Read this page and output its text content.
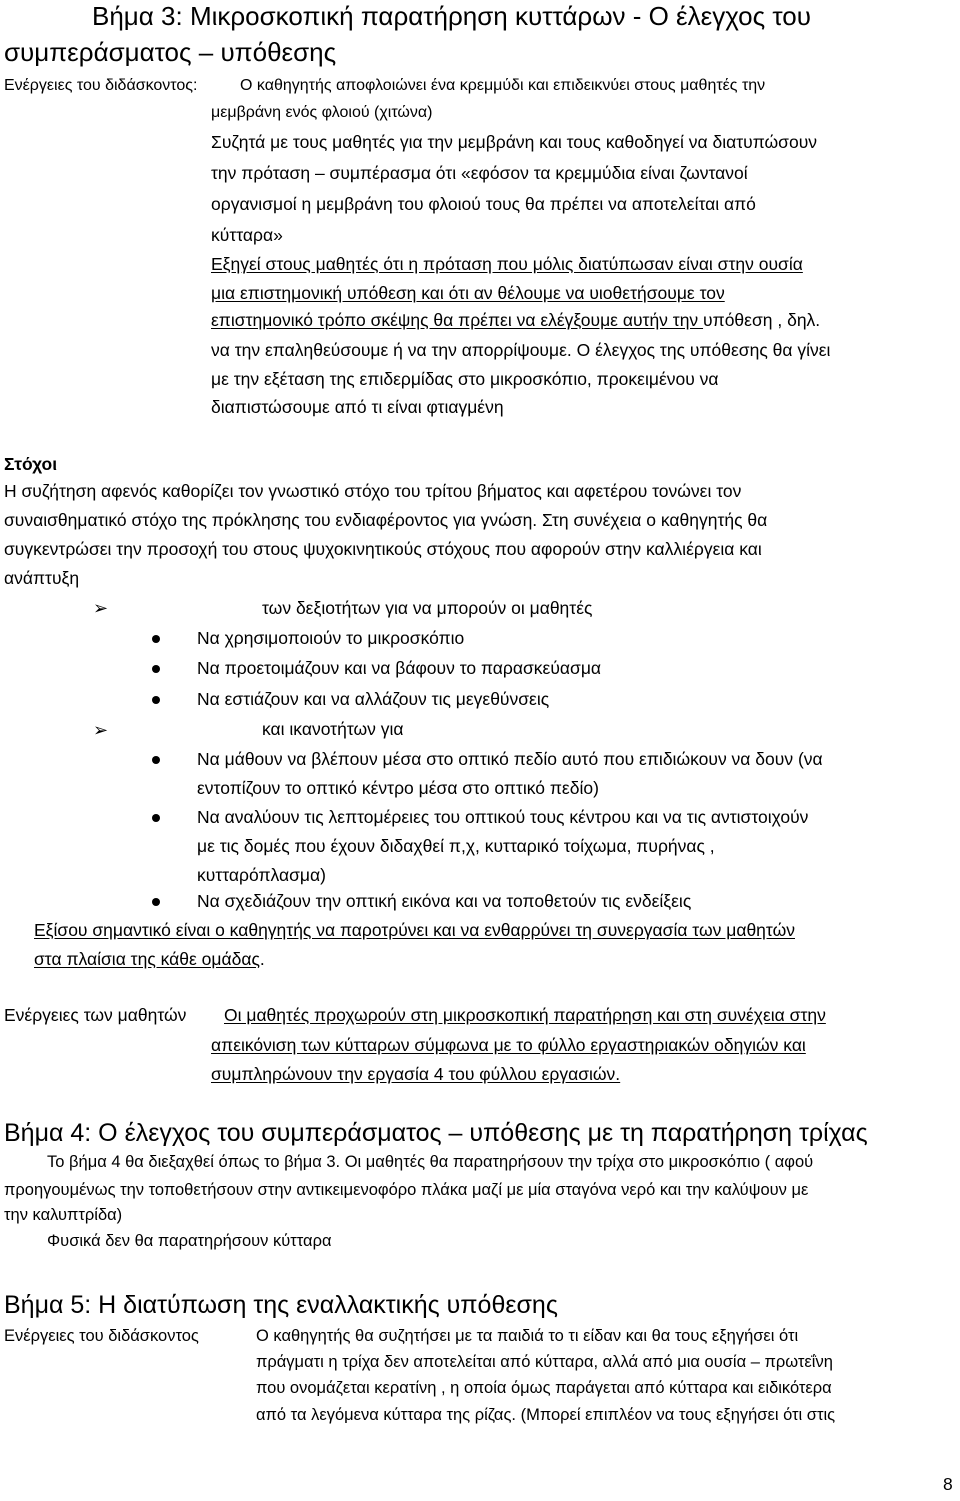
Βήμα 3: Μικροσκοπική παρατήρηση κυττάρων - Ο έλεγχος του
συμπεράσματος – υπόθεσης
Ενέργειες του διδάσκοντος:	Ο καθηγητής αποφλοιώνει ένα κρεμμύδι και επιδεικνύει στους μαθητές την
μεμβράνη ενός φλοιού (χιτώνα)
Συζητά με τους μαθητές για την μεμβράνη και τους καθοδηγεί να διατυπώσουν
την πρόταση – συμπέρασμα ότι «εφόσον τα κρεμμύδια είναι ζωντανοί
οργανισμοί η μεμβράνη του φλοιού τους θα πρέπει να αποτελείται από
κύτταρα»
Εξηγεί στους μαθητές ότι η πρόταση που μόλις διατύπωσαν είναι στην ουσία
μια επιστημονική υπόθεση και ότι αν θέλουμε να υιοθετήσουμε τον
επιστημονικό τρόπο σκέψης θα πρέπει να ελέγξουμε αυτήν την υπόθεση , δηλ.
να την επαληθεύσουμε ή να την απορρίψουμε. Ο έλεγχος της υπόθεσης θα γίνει
με την εξέταση της επιδερμίδας στο μικροσκόπιο, προκειμένου να
διαπιστώσουμε από τι είναι φτιαγμένη
Στόχοι
Η συζήτηση αφενός καθορίζει τον γνωστικό στόχο του τρίτου βήματος και αφετέρου τονώνει τον
συναισθηματικό στόχο της πρόκλησης του ενδιαφέροντος για γνώση. Στη συνέχεια ο καθηγητής θα
συγκεντρώσει την προσοχή του στους ψυχοκινητικούς στόχους που αφορούν στην καλλιέργεια και
ανάπτυξη
➢	των δεξιοτήτων για να μπορούν οι μαθητές
Να χρησιμοποιούν το μικροσκόπιο
Να προετοιμάζουν και να βάφουν το παρασκεύασμα
Να εστιάζουν και να αλλάζουν τις μεγεθύνσεις
➢	και ικανοτήτων για
Να μάθουν να βλέπουν μέσα στο οπτικό πεδίο αυτό που επιδιώκουν να δουν (να
εντοπίζουν το οπτικό κέντρο μέσα στο οπτικό πεδίο)
Να αναλύουν τις λεπτομέρειες του οπτικού τους κέντρου και να τις αντιστοιχούν
με τις δομές που έχουν διδαχθεί π,χ, κυτταρικό τοίχωμα, πυρήνας ,
κυτταρόπλασμα)
Να σχεδιάζουν την οπτική εικόνα και να τοποθετούν τις ενδείξεις
Εξίσου σημαντικό είναι ο καθηγητής να παροτρύνει και να ενθαρρύνει τη συνεργασία των μαθητών
στα πλαίσια της κάθε ομάδας.
Ενέργειες των μαθητών Οι μαθητές προχωρούν στη μικροσκοπική παρατήρηση και στη συνέχεια στην
απεικόνιση των κύτταρων σύμφωνα με το φύλλο εργαστηριακών οδηγιών και
συμπληρώνουν την εργασία 4 του φύλλου εργασιών.
Βήμα 4: Ο έλεγχος του συμπεράσματος – υπόθεσης με τη παρατήρηση τρίχας
Το βήμα 4 θα διεξαχθεί όπως το βήμα 3. Οι μαθητές θα παρατηρήσουν την τρίχα στο μικροσκόπιο ( αφού
προηγουμένως την τοποθετήσουν στην αντικειμενοφόρο πλάκα μαζί με μία σταγόνα νερό και την καλύψουν με
την καλυπτρίδα)
Φυσικά δεν θα παρατηρήσουν κύτταρα
Βήμα 5: Η διατύπωση της εναλλακτικής υπόθεσης
Ενέργειες του διδάσκοντος	Ο καθηγητής θα συζητήσει με τα παιδιά το τι είδαν και θα τους εξηγήσει ότι
πράγματι η τρίχα δεν αποτελείται από κύτταρα, αλλά από μια ουσία – πρωτεΐνη
που ονομάζεται κερατίνη , η οποία όμως παράγεται από κύτταρα και ειδικότερα
από τα λεγόμενα κύτταρα της ρίζας. (Μπορεί επιπλέον να τους εξηγήσει ότι στις
8
